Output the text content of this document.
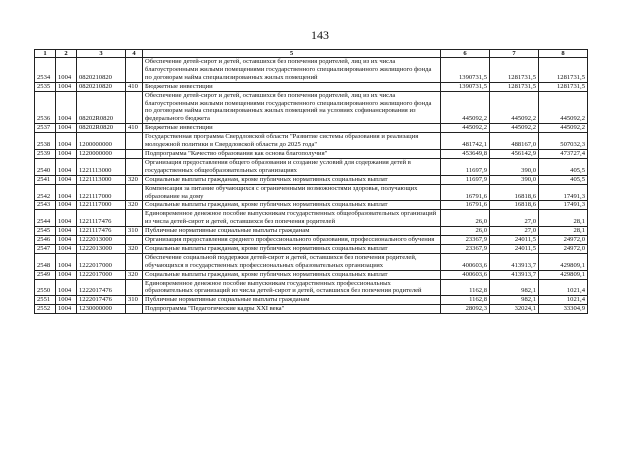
143
1	2	3	4	5	6	7	8
2534	1004	0820210820		Обеспечение детей-сирот и детей, оставшихся без попечения родителей, лиц из их числа благоустроенными жилыми помещениями государственного специализированного жилищного фонда по договорам найма специализированных жилых помещений	1390731,5	1281731,5	1281731,5
2535	1004	0820210820	410	Бюджетные инвестиции	1390731,5	1281731,5	1281731,5
2536	1004	08202R0820		Обеспечение детей-сирот и детей, оставшихся без попечения родителей, лиц из их числа благоустроенными жилыми помещениями государственного специализированного жилищного фонда по договорам найма специализированных жилых помещений на условиях софинансирования из федерального бюджета	445092,2	445092,2	445092,2
2537	1004	08202R0820	410	Бюджетные инвестиции	445092,2	445092,2	445092,2
2538	1004	1200000000		Государственная программа Свердловской области "Развитие системы образования и реализация молодежной политики в Свердловской области до 2025 года"	481742,1	488167,0	507032,3
2539	1004	1220000000		Подпрограмма "Качество образования как основа благополучия"	453649,8	456142,9	473727,4
2540	1004	1221113000		Организация предоставления общего образования и создание условий для содержания детей в государственных общеобразовательных организациях	11697,9	390,0	405,5
2541	1004	1221113000	320	Социальные выплаты гражданам, кроме публичных нормативных социальных выплат	11697,9	390,0	405,5
2542	1004	1221117000		Компенсация за питание обучающихся с ограниченными возможностями здоровья, получающих образование на дому	16791,6	16818,6	17491,3
2543	1004	1221117000	320	Социальные выплаты гражданам, кроме публичных нормативных социальных выплат	16791,6	16818,6	17491,3
2544	1004	1221117476		Единовременное денежное пособие выпускникам государственных общеобразовательных организаций из числа детей-сирот и детей, оставшихся без попечения родителей	26,0	27,0	28,1
2545	1004	1221117476	310	Публичные нормативные социальные выплаты гражданам	26,0	27,0	28,1
2546	1004	1222013000		Организация предоставления среднего профессионального образования, профессионального обучения	23367,9	24011,5	24972,0
2547	1004	1222013000	320	Социальные выплаты гражданам, кроме публичных нормативных социальных выплат	23367,9	24011,5	24972,0
2548	1004	1222017000		Обеспечение социальной поддержки детей-сирот и детей, оставшихся без попечения родителей, обучающихся в государственных профессиональных образовательных организациях	400603,6	413913,7	429809,1
2549	1004	1222017000	320	Социальные выплаты гражданам, кроме публичных нормативных социальных выплат	400603,6	413913,7	429809,1
2550	1004	1222017476		Единовременное денежное пособие выпускникам государственных профессиональных образовательных организаций из числа детей-сирот и детей, оставшихся без попечения родителей	1162,8	982,1	1021,4
2551	1004	1222017476	310	Публичные нормативные социальные выплаты гражданам	1162,8	982,1	1021,4
2552	1004	1230000000		Подпрограмма "Педагогические кадры XXI века"	28092,3	32024,1	33304,9
